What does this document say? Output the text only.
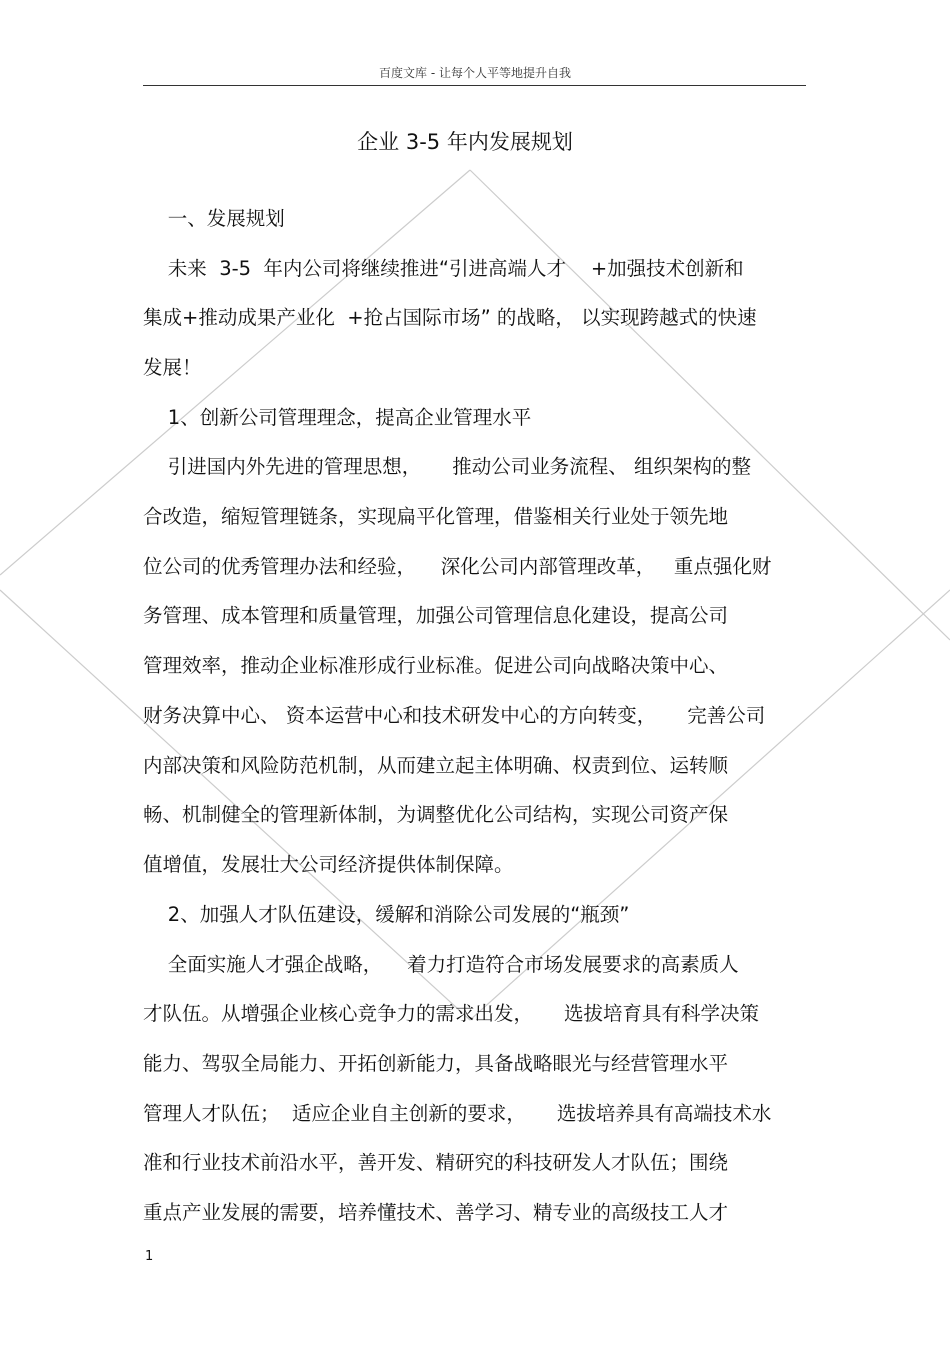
百度文库 - 让每个人平等地提升自我
企业 3-5 年内发展规划
一、发展规划
未来  3-5  年内公司将继续推进“引进高端人才    +加强技术创新和
集成+推动成果产业化  +抢占国际市场” 的战略， 以实现跨越式的快速
发展！
1、创新公司管理理念，提高企业管理水平
引进国内外先进的管理思想，     推动公司业务流程、 组织架构的整
合改造，缩短管理链条，实现扁平化管理，借鉴相关行业处于领先地
位公司的优秀管理办法和经验，    深化公司内部管理改革，   重点强化财
务管理、成本管理和质量管理，加强公司管理信息化建设，提高公司
管理效率，推动企业标准形成行业标准。促进公司向战略决策中心、
财务决算中心、 资本运营中心和技术研发中心的方向转变，     完善公司
内部决策和风险防范机制，从而建立起主体明确、权责到位、运转顺
畅、机制健全的管理新体制，为调整优化公司结构，实现公司资产保
值增值，发展壮大公司经济提供体制保障。
2、加强人才队伍建设，缓解和消除公司发展的“瓶颈”
全面实施人才强企战略，    着力打造符合市场发展要求的高素质人
才队伍。从增强企业核心竞争力的需求出发，     选拔培育具有科学决策
能力、驾驭全局能力、开拓创新能力，具备战略眼光与经营管理水平
管理人才队伍；  适应企业自主创新的要求，     选拔培养具有高端技术水
准和行业技术前沿水平，善开发、精研究的科技研发人才队伍；围绕
重点产业发展的需要，培养懂技术、善学习、精专业的高级技工人才
1
